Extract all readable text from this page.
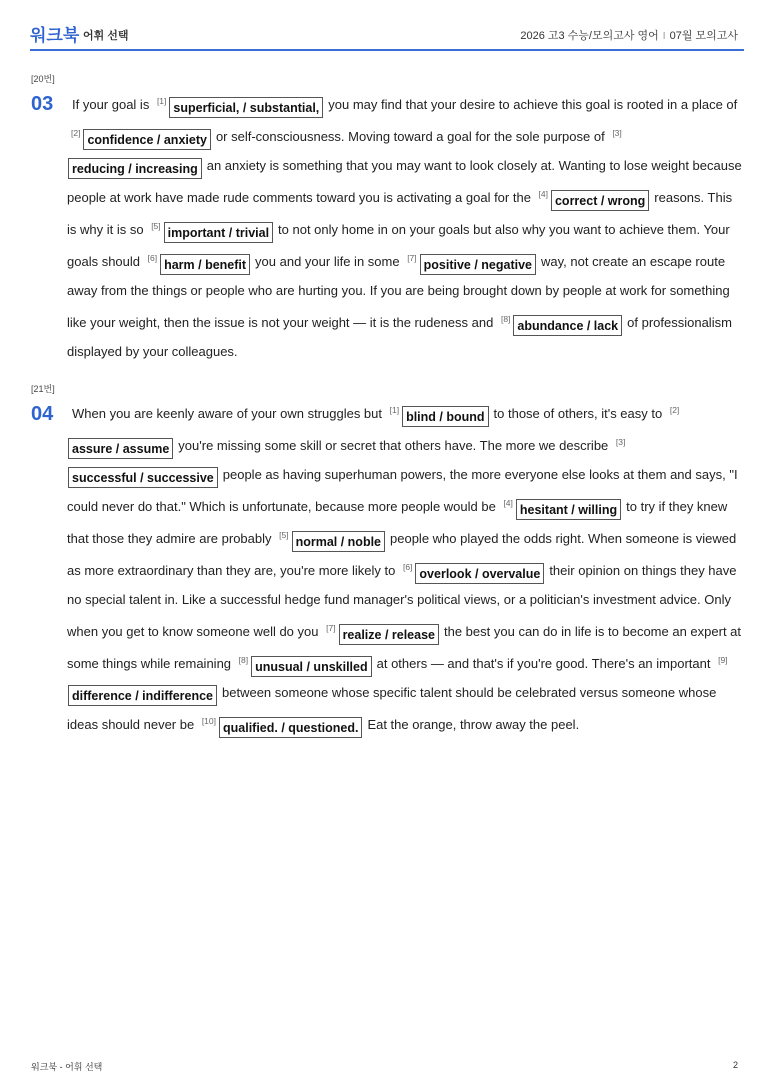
워크북 어휘 선택	2026 고3 수능/모의고사 영어 I 07월 모의고사
[20번]
03	If your goal is [1] superficial, / substantial, you may find that your desire to achieve this goal is rooted in a place of [2] confidence / anxiety or self-consciousness. Moving toward a goal for the sole purpose of [3]reducing / increasing an anxiety is something that you may want to look closely at. Wanting to lose weight because people at work have made rude comments toward you is activating a goal for the [4] correct / wrong reasons. This is why it is so [5] important / trivial to not only home in on your goals but also why you want to achieve them. Your goals should [6] harm / benefit you and your life in some [7] positive / negative way, not create an escape route away from the things or people who are hurting you. If you are being brought down by people at work for something like your weight, then the issue is not your weight — it is the rudeness and [8] abundance / lack of professionalism displayed by your colleagues.
[21번]
04	When you are keenly aware of your own struggles but [1] blind / bound to those of others, it's easy to [2]assure / assume you're missing some skill or secret that others have. The more we describe [3]successful / successive people as having superhuman powers, the more everyone else looks at them and says, "I could never do that." Which is unfortunate, because more people would be [4] hesitant / willing to try if they knew that those they admire are probably [5] normal / noble people who played the odds right. When someone is viewed as more extraordinary than they are, you're more likely to [6] overlook / overvalue their opinion on things they have no special talent in. Like a successful hedge fund manager's political views, or a politician's investment advice. Only when you get to know someone well do you [7] realize / release the best you can do in life is to become an expert at some things while remaining [8] unusual / unskilled at others — and that's if you're good. There's an important [9]difference / indifference between someone whose specific talent should be celebrated versus someone whose ideas should never be [10] qualified. / questioned. Eat the orange, throw away the peel.
워크북 - 어휘 선택	2
